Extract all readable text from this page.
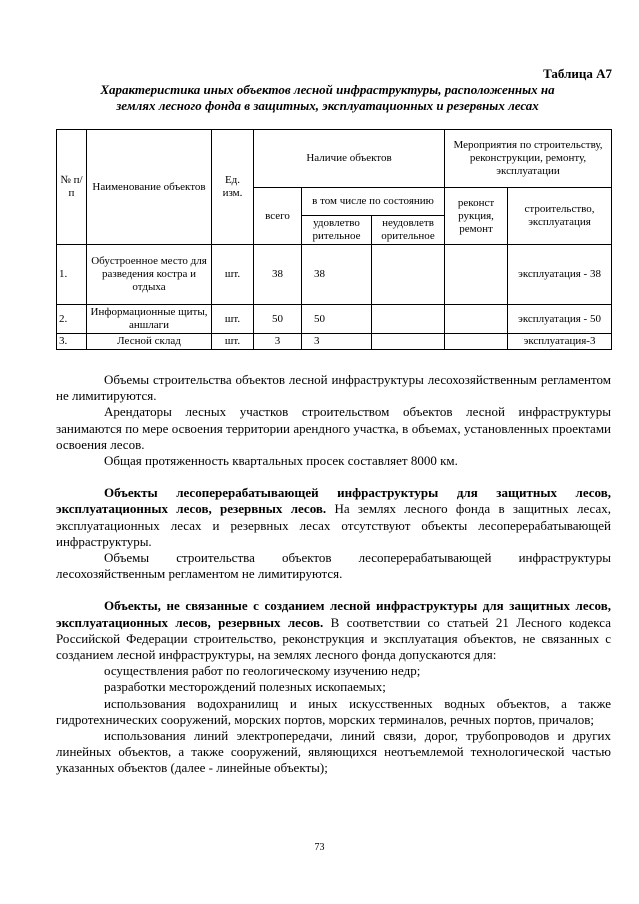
Таблица А7
Характеристика иных объектов лесной инфраструктуры, расположенных на
землях лесного фонда в защитных, эксплуатационных и резервных лесах
№ п/п	Наименование объектов	Ед. изм.	Наличие объектов			Мероприятия по строительству, реконструкции, ремонту, эксплуатации	
			всего	в том числе по состоянию		реконст рукция, ремонт	строительство, эксплуатация
				удовлетво рительное	неудовлетв орительное		
1.	Обустроенное место для разведения костра и отдыха	шт.	38	38			эксплуатация - 38
2.	Информационные щиты, аншлаги	шт.	50	50			эксплуатация - 50
3.	Лесной склад	шт.	3	3			эксплуатация-3

Объемы строительства объектов лесной инфраструктуры лесохозяйственным регламентом не лимитируются.

Арендаторы лесных участков строительством объектов лесной инфраструктуры занимаются по мере освоения территории арендного участка, в объемах, установленных проектами освоения лесов.

Общая протяженность квартальных просек составляет 8000 км.

Объекты лесоперерабатывающей инфраструктуры для защитных лесов, эксплуатационных лесов, резервных лесов. На землях лесного фонда в защитных лесах, эксплуатационных лесах и резервных лесах отсутствуют объекты лесоперерабатывающей инфраструктуры.

Объемы строительства объектов лесоперерабатывающей инфраструктуры лесохозяйственным регламентом не лимитируются.

Объекты, не связанные с созданием лесной инфраструктуры для защитных лесов, эксплуатационных лесов, резервных лесов. В соответствии со статьей 21 Лесного кодекса Российской Федерации строительство, реконструкция и эксплуатация объектов, не связанных с созданием лесной инфраструктуры, на землях лесного фонда допускаются для:

осуществления работ по геологическому изучению недр;

разработки месторождений полезных ископаемых;

использования водохранилищ и иных искусственных водных объектов, а также гидротехнических сооружений, морских портов, морских терминалов, речных портов, причалов;

использования линий электропередачи, линий связи, дорог, трубопроводов и других линейных объектов, а также сооружений, являющихся неотъемлемой технологической частью указанных объектов (далее - линейные объекты);

73
